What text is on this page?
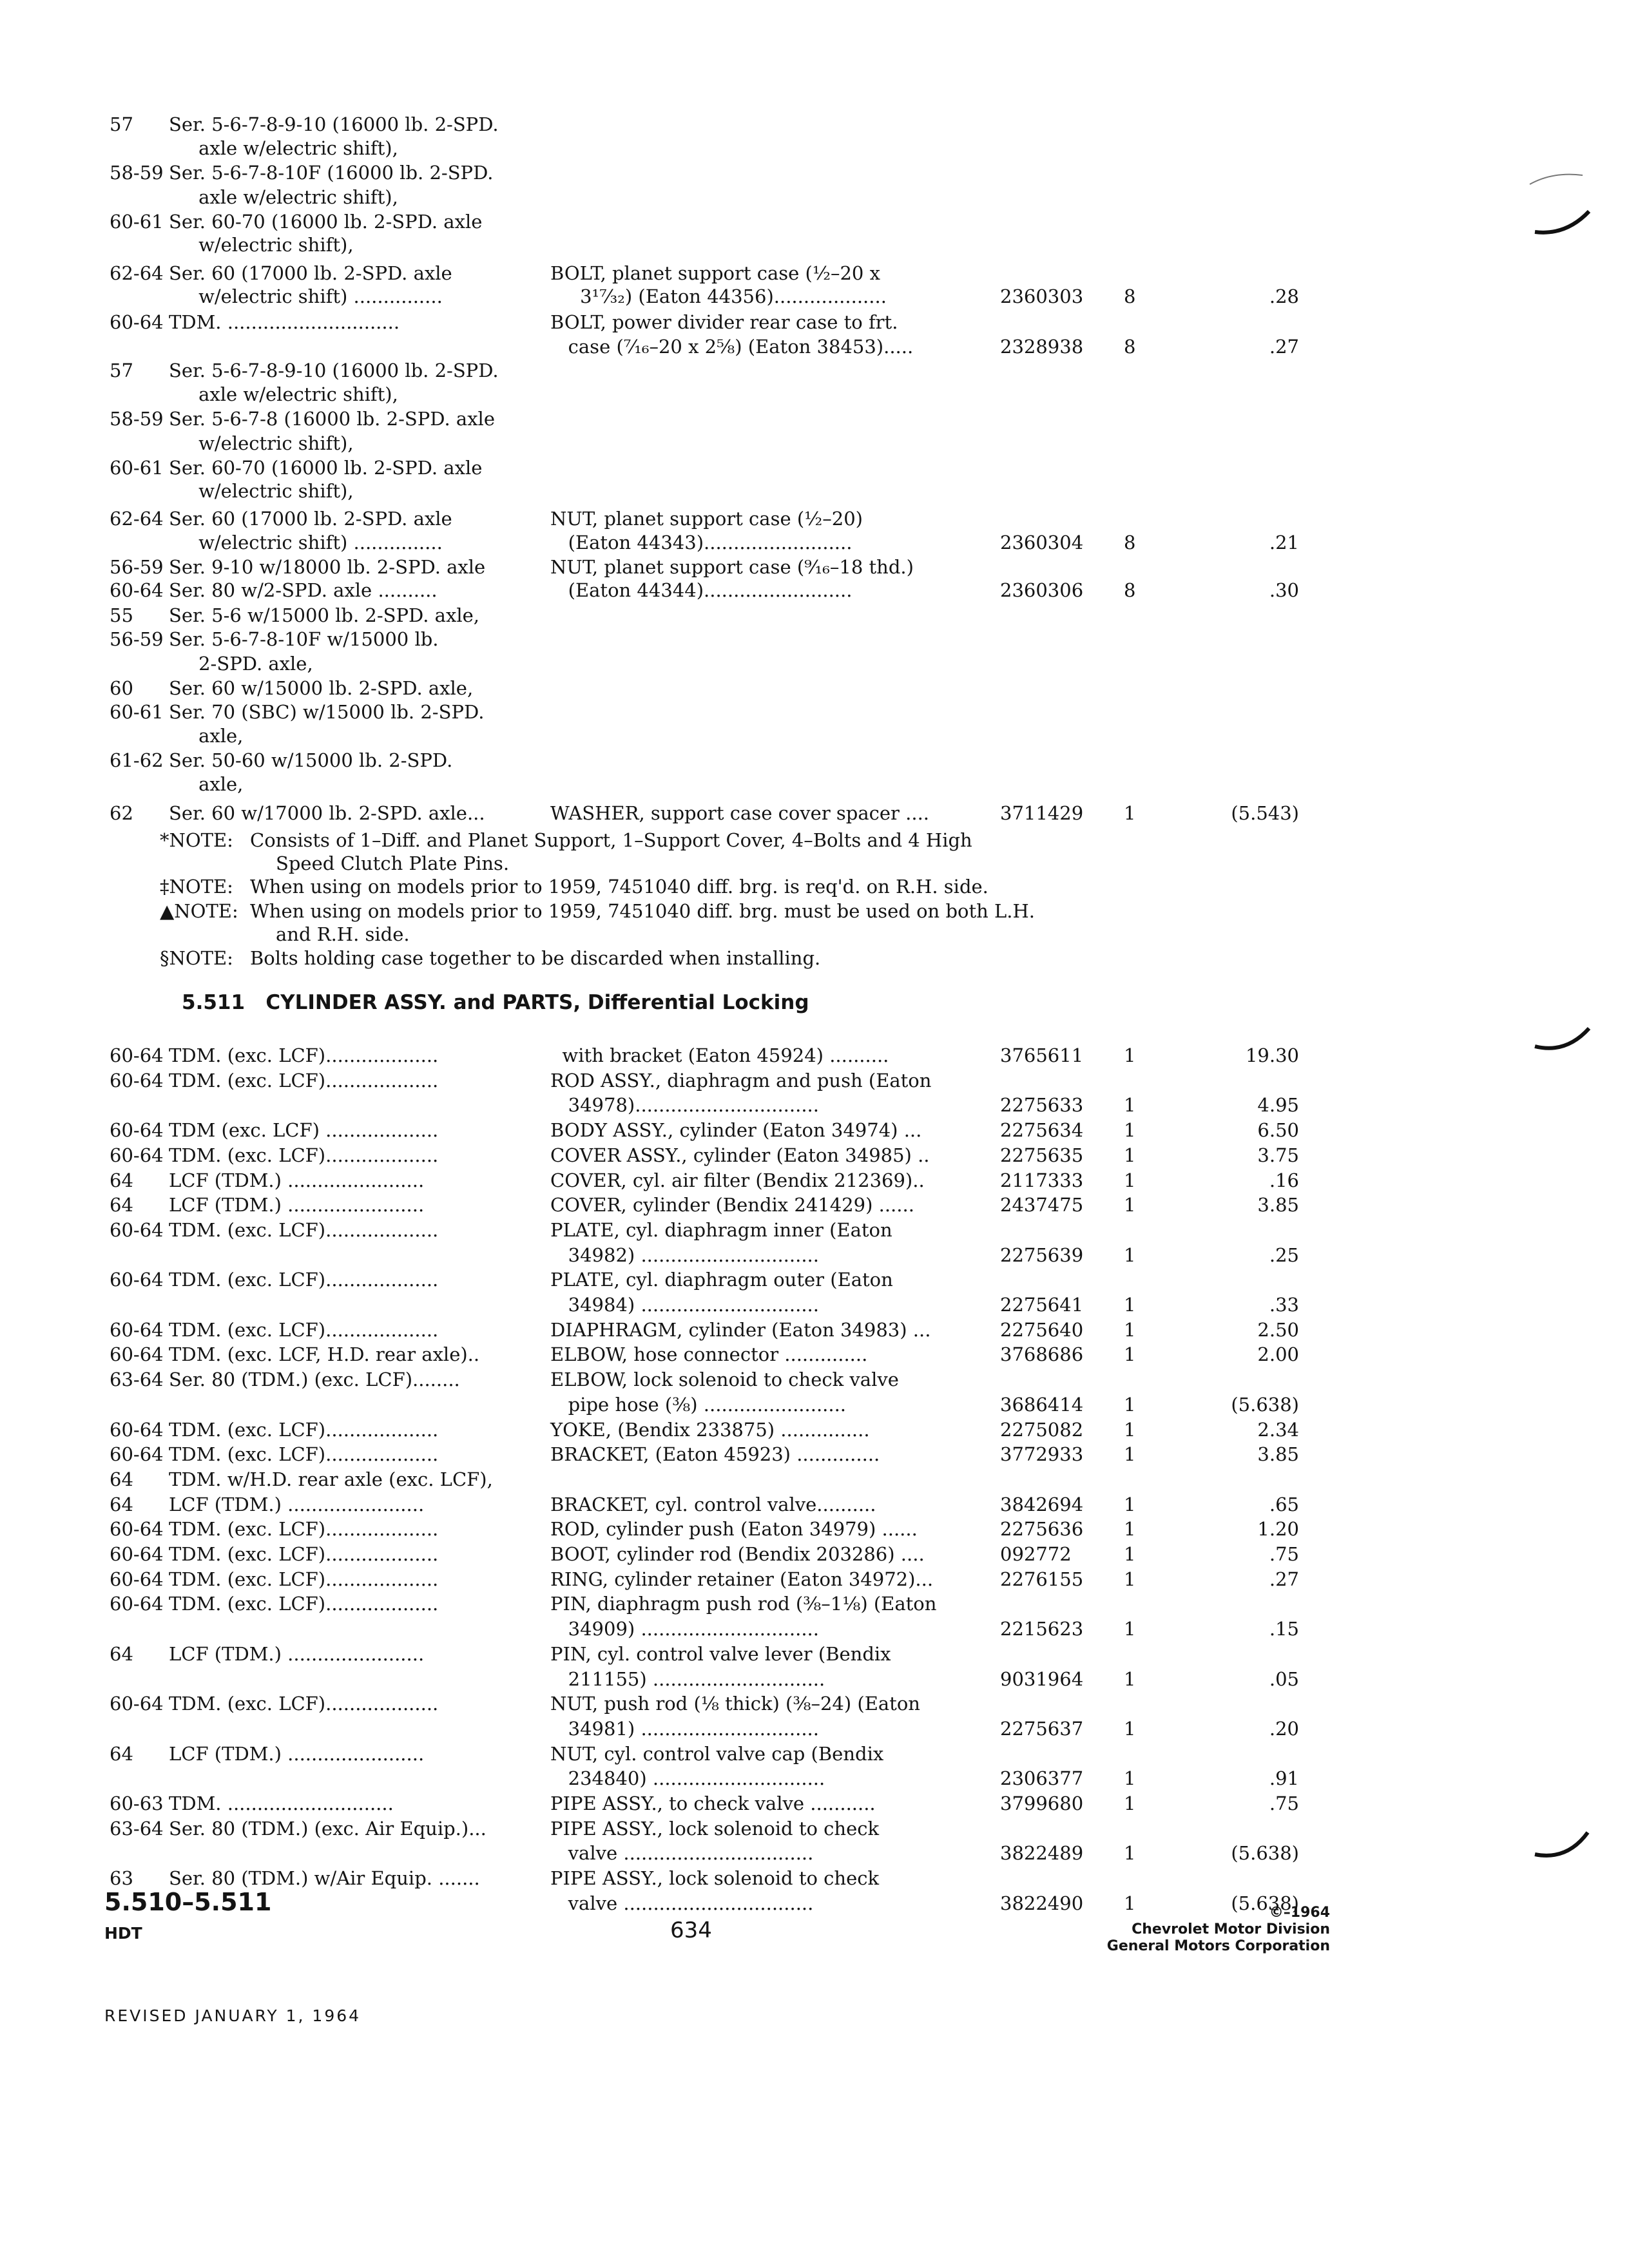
57 Ser. 5-6-7-8-9-10 (16000 lb. 2-SPD.
axle w/electric shift),
58-59 Ser. 5-6-7-8-10F (16000 lb. 2-SPD.
axle w/electric shift),
60-61 Ser. 60-70 (16000 lb. 2-SPD. axle
w/electric shift),
62-64 Ser. 60 (17000 lb. 2-SPD. axle	BOLT, planet support case (½–20 x
w/electric shift) ...............	3¹⁷⁄₃₂) (Eaton 44356)...................	2360303 8	.28
60-64 TDM. .............................	BOLT, power divider rear case to frt.
case (⁷⁄₁₆–20 x 2⅝) (Eaton 38453).....	2328938 8	.27
57 Ser. 5-6-7-8-9-10 (16000 lb. 2-SPD.
axle w/electric shift),
58-59 Ser. 5-6-7-8 (16000 lb. 2-SPD. axle
w/electric shift),
60-61 Ser. 60-70 (16000 lb. 2-SPD. axle
w/electric shift),
62-64 Ser. 60 (17000 lb. 2-SPD. axle	NUT, planet support case (½–20)
w/electric shift) ...............	(Eaton 44343).........................	2360304 8	.21
56-59 Ser. 9-10 w/18000 lb. 2-SPD. axle	NUT, planet support case (⁹⁄₁₆–18 thd.)
60-64 Ser. 80 w/2-SPD. axle ..........	(Eaton 44344).........................	2360306 8	.30
55 Ser. 5-6 w/15000 lb. 2-SPD. axle,
56-59 Ser. 5-6-7-8-10F w/15000 lb.
2-SPD. axle,
60 Ser. 60 w/15000 lb. 2-SPD. axle,
60-61 Ser. 70 (SBC) w/15000 lb. 2-SPD.
axle,
61-62 Ser. 50-60 w/15000 lb. 2-SPD.
axle,
62 Ser. 60 w/17000 lb. 2-SPD. axle...	WASHER, support case cover spacer ....	3711429 1	(5.543)
*NOTE: Consists of 1–Diff. and Planet Support, 1–Support Cover, 4–Bolts and 4 High
Speed Clutch Plate Pins.
‡NOTE: When using on models prior to 1959, 7451040 diff. brg. is req'd. on R.H. side.
▲NOTE: When using on models prior to 1959, 7451040 diff. brg. must be used on both L.H.
and R.H. side.
§NOTE: Bolts holding case together to be discarded when installing.
5.511   CYLINDER ASSY. and PARTS, Differential Locking
60-64 TDM. (exc. LCF)...................	with bracket (Eaton 45924) ..........	3765611 1	19.30
60-64 TDM. (exc. LCF)...................	ROD ASSY., diaphragm and push (Eaton
34978)...............................	2275633 1	4.95
60-64 TDM (exc. LCF) ...................	BODY ASSY., cylinder (Eaton 34974) ...	2275634 1	6.50
60-64 TDM. (exc. LCF)...................	COVER ASSY., cylinder (Eaton 34985) ..	2275635 1	3.75
64 LCF (TDM.) .......................	COVER, cyl. air filter (Bendix 212369)..	2117333 1	.16
64 LCF (TDM.) .......................	COVER, cylinder (Bendix 241429) ......	2437475 1	3.85
60-64 TDM. (exc. LCF)...................	PLATE, cyl. diaphragm inner (Eaton
34982) ..............................	2275639 1	.25
60-64 TDM. (exc. LCF)...................	PLATE, cyl. diaphragm outer (Eaton
34984) ..............................	2275641 1	.33
60-64 TDM. (exc. LCF)...................	DIAPHRAGM, cylinder (Eaton 34983) ...	2275640 1	2.50
60-64 TDM. (exc. LCF, H.D. rear axle)..	ELBOW, hose connector ..............	3768686 1	2.00
63-64 Ser. 80 (TDM.) (exc. LCF)........	ELBOW, lock solenoid to check valve
pipe hose (⅜) ........................	3686414 1	(5.638)
60-64 TDM. (exc. LCF)...................	YOKE, (Bendix 233875) ...............	2275082 1	2.34
60-64 TDM. (exc. LCF)...................	BRACKET, (Eaton 45923) ..............	3772933 1	3.85
64 TDM. w/H.D. rear axle (exc. LCF),
64 LCF (TDM.) .......................	BRACKET, cyl. control valve..........	3842694 1	.65
60-64 TDM. (exc. LCF)...................	ROD, cylinder push (Eaton 34979) ......	2275636 1	1.20
60-64 TDM. (exc. LCF)...................	BOOT, cylinder rod (Bendix 203286) ....	092772	1	.75
60-64 TDM. (exc. LCF)...................	RING, cylinder retainer (Eaton 34972)...	2276155 1	.27
60-64 TDM. (exc. LCF)...................	PIN, diaphragm push rod (⅜–1⅛) (Eaton
34909) ..............................	2215623 1	.15
64 LCF (TDM.) .......................	PIN, cyl. control valve lever (Bendix
211155) .............................	9031964 1	.05
60-64 TDM. (exc. LCF)...................	NUT, push rod (⅛ thick) (⅜–24) (Eaton
34981) ..............................	2275637 1	.20
64 LCF (TDM.) .......................	NUT, cyl. control valve cap (Bendix
234840) .............................	2306377 1	.91
60-63 TDM. ............................	PIPE ASSY., to check valve ...........	3799680 1	.75
63-64 Ser. 80 (TDM.) (exc. Air Equip.)...	PIPE ASSY., lock solenoid to check
valve ................................	3822489 1	(5.638)
63 Ser. 80 (TDM.) w/Air Equip. .......	PIPE ASSY., lock solenoid to check
valve ................................	3822490 1	(5.638)
5.510–5.511
HDT	634
REVISED JANUARY 1, 1964
©–1964
Chevrolet Motor Division
General Motors Corporation
